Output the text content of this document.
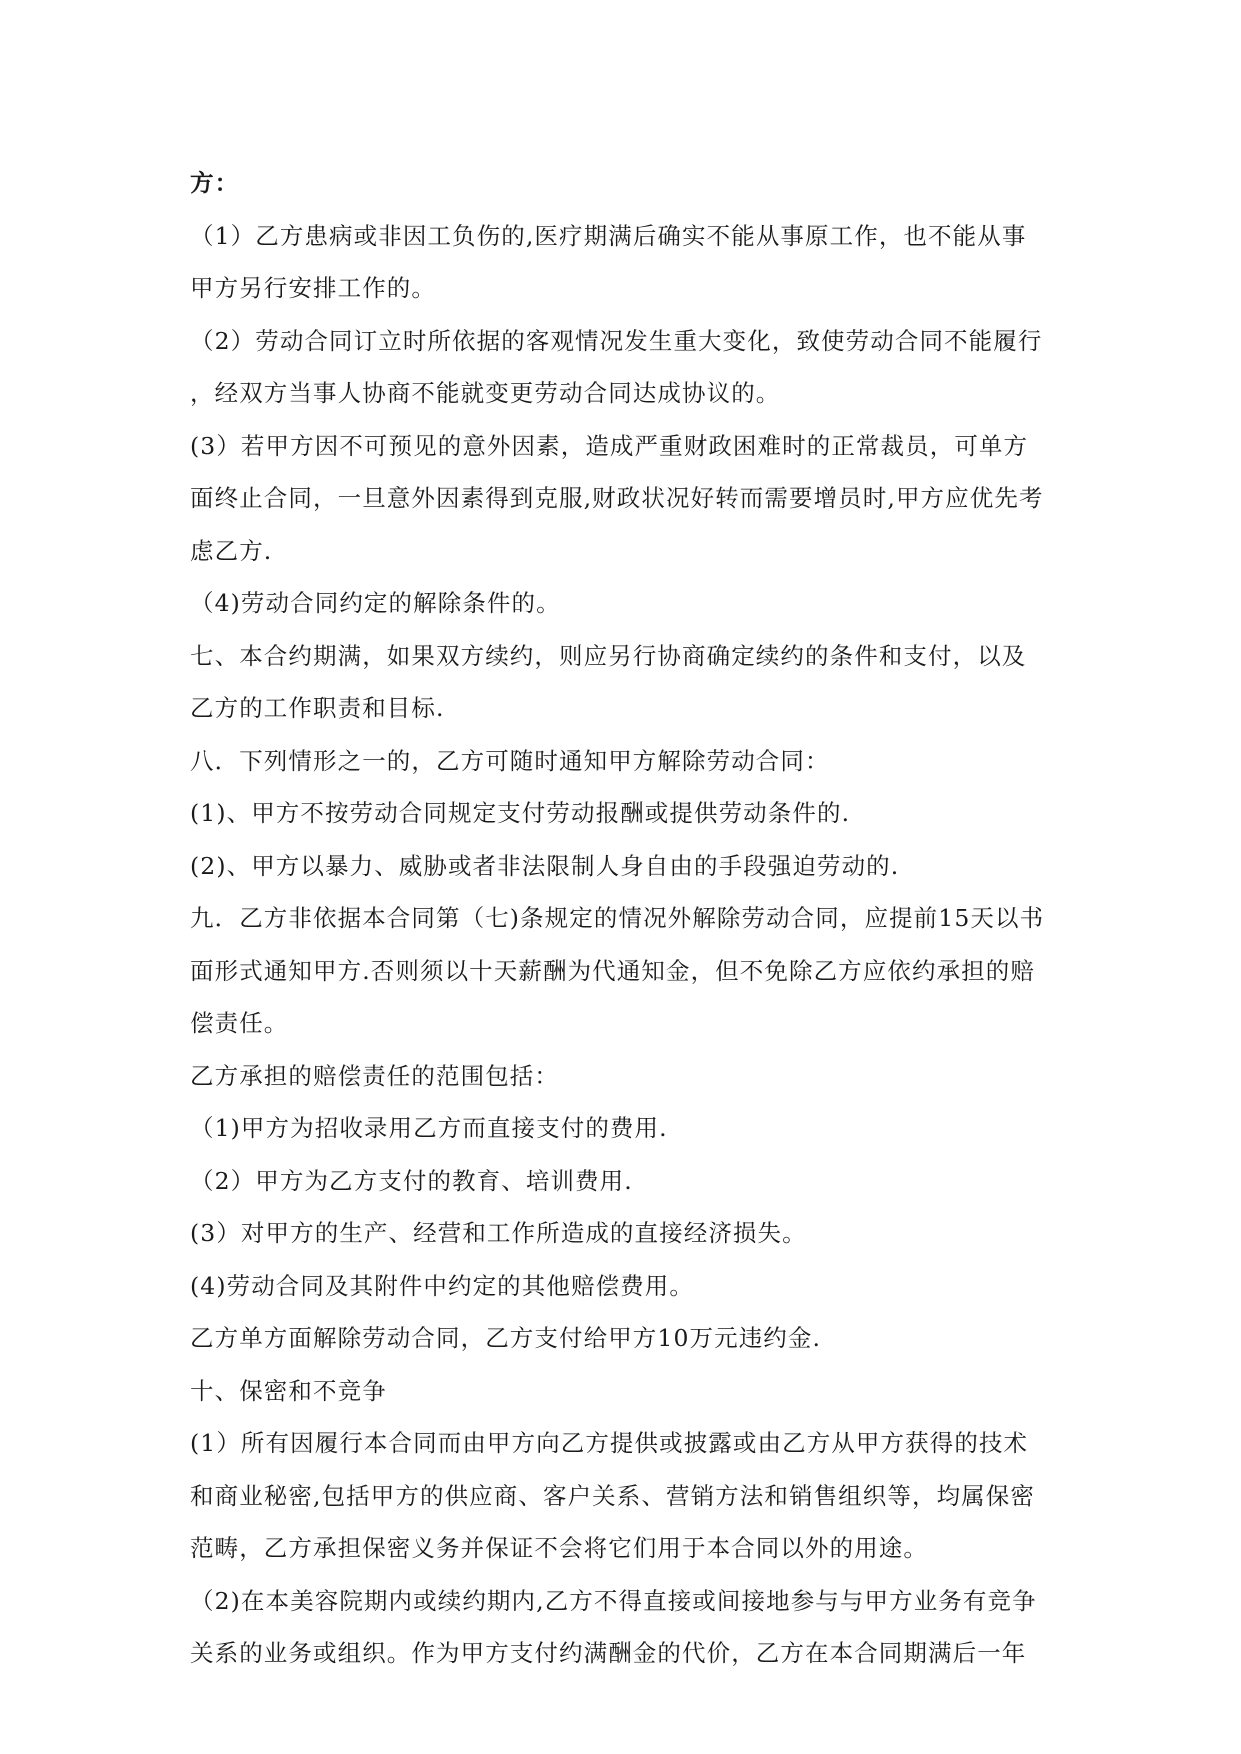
方：
（1）乙方患病或非因工负伤的,医疗期满后确实不能从事原工作，也不能从事
甲方另行安排工作的。
（2）劳动合同订立时所依据的客观情况发生重大变化，致使劳动合同不能履行
，经双方当事人协商不能就变更劳动合同达成协议的。
(3）若甲方因不可预见的意外因素，造成严重财政困难时的正常裁员，可单方
面终止合同，一旦意外因素得到克服,财政状况好转而需要增员时,甲方应优先考
虑乙方.
（4)劳动合同约定的解除条件的。
七、本合约期满，如果双方续约，则应另行协商确定续约的条件和支付，以及
乙方的工作职责和目标.
八．下列情形之一的，乙方可随时通知甲方解除劳动合同：
(1)、甲方不按劳动合同规定支付劳动报酬或提供劳动条件的.
(2)、甲方以暴力、威胁或者非法限制人身自由的手段强迫劳动的.
九．乙方非依据本合同第（七)条规定的情况外解除劳动合同，应提前15天以书
面形式通知甲方.否则须以十天薪酬为代通知金，但不免除乙方应依约承担的赔
偿责任。
乙方承担的赔偿责任的范围包括：
（1)甲方为招收录用乙方而直接支付的费用.
（2）甲方为乙方支付的教育、培训费用.
(3）对甲方的生产、经营和工作所造成的直接经济损失。
(4)劳动合同及其附件中约定的其他赔偿费用。
乙方单方面解除劳动合同，乙方支付给甲方10万元违约金.
十、保密和不竞争
(1）所有因履行本合同而由甲方向乙方提供或披露或由乙方从甲方获得的技术
和商业秘密,包括甲方的供应商、客户关系、营销方法和销售组织等，均属保密
范畴，乙方承担保密义务并保证不会将它们用于本合同以外的用途。
（2)在本美容院期内或续约期内,乙方不得直接或间接地参与与甲方业务有竞争
关系的业务或组织。作为甲方支付约满酬金的代价，乙方在本合同期满后一年
